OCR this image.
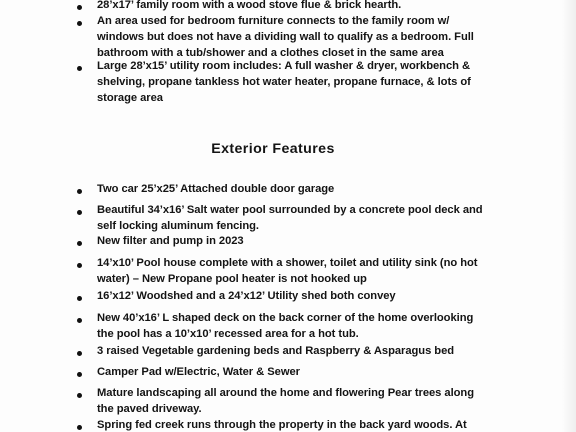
28’x17’ family room with a wood stove flue & brick hearth.
An area used for bedroom furniture connects to the family room w/
windows but does not have a dividing wall to qualify as a bedroom. Full
bathroom with a tub/shower and a clothes closet in the same area
Large 28’x15’ utility room includes: A full washer & dryer, workbench &
shelving, propane tankless hot water heater, propane furnace, & lots of
storage area
Exterior Features
Two car 25’x25’ Attached double door garage
Beautiful 34’x16’ Salt water pool surrounded by a concrete pool deck and
self locking aluminum fencing.
New filter and pump in 2023
14’x10’ Pool house complete with a shower, toilet and utility sink (no hot
water) – New Propane pool heater is not hooked up
16’x12’ Woodshed and a 24’x12’ Utility shed both convey
New 40’x16’ L shaped deck on the back corner of the home overlooking
the pool has a 10’x10’ recessed area for a hot tub.
3 raised Vegetable gardening beds and Raspberry & Asparagus bed
Camper Pad w/Electric, Water & Sewer
Mature landscaping all around the home and flowering Pear trees along
the paved driveway.
Spring fed creek runs through the property in the back yard woods. At
